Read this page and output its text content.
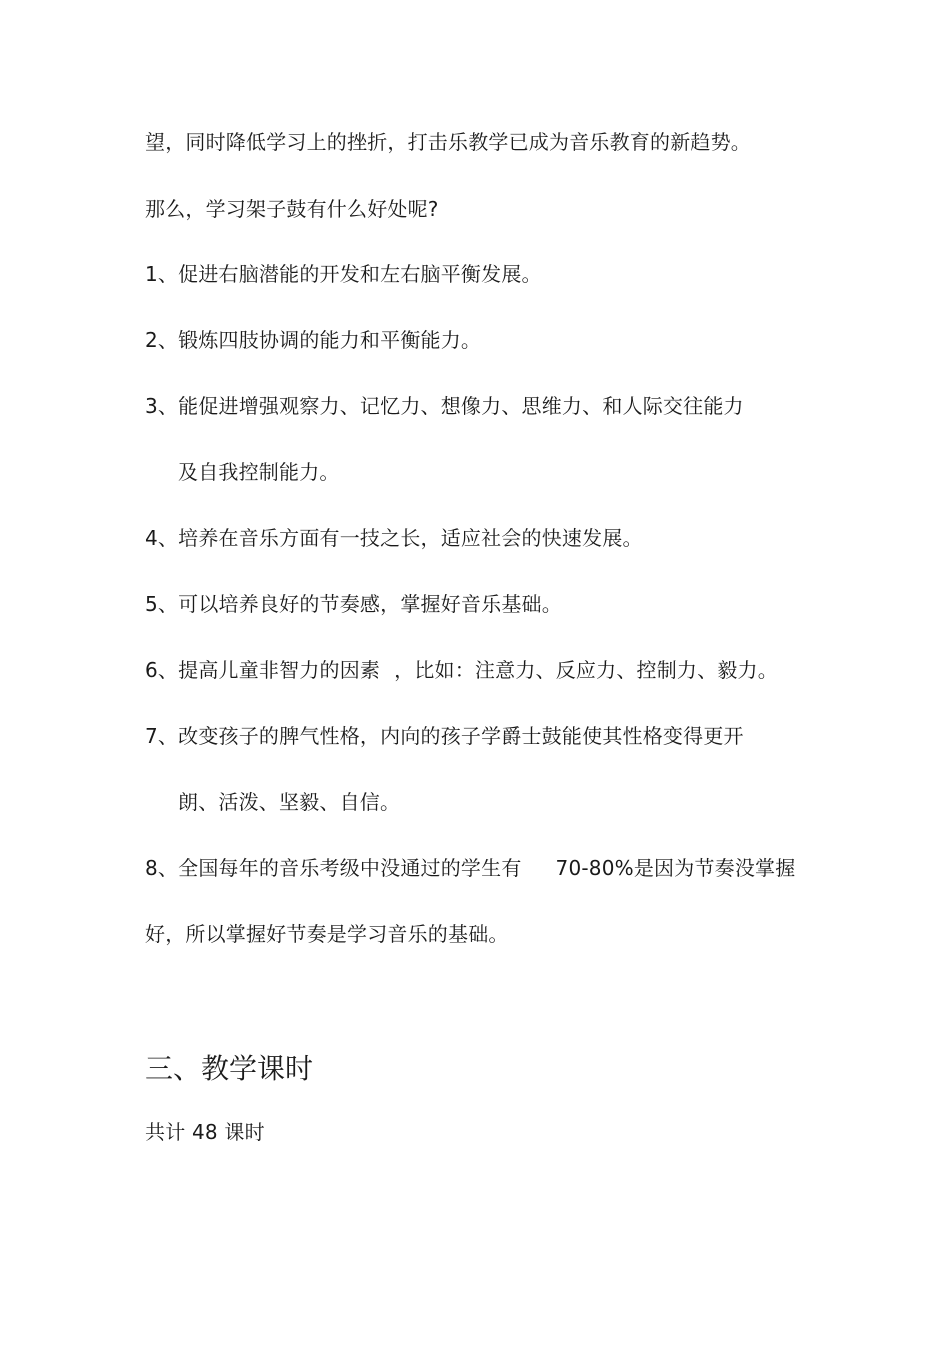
望，同时降低学习上的挫折，打击乐教学已成为音乐教育的新趋势。
那么，学习架子鼓有什么好处呢?
1、促进右脑潜能的开发和左右脑平衡发展。
2、锻炼四肢协调的能力和平衡能力。
3、能促进增强观察力、记忆力、想像力、思维力、和人际交往能力
及自我控制能力。
4、培养在音乐方面有一技之长，适应社会的快速发展。
5、可以培养良好的节奏感，掌握好音乐基础。
6、提高儿童非智力的因素 ，比如：注意力、反应力、控制力、毅力。
7、改变孩子的脾气性格，内向的孩子学爵士鼓能使其性格变得更开
朗、活泼、坚毅、自信。
8、全国每年的音乐考级中没通过的学生有 70-80%是因为节奏没掌握
好，所以掌握好节奏是学习音乐的基础。
三、教学课时
共计 48 课时
